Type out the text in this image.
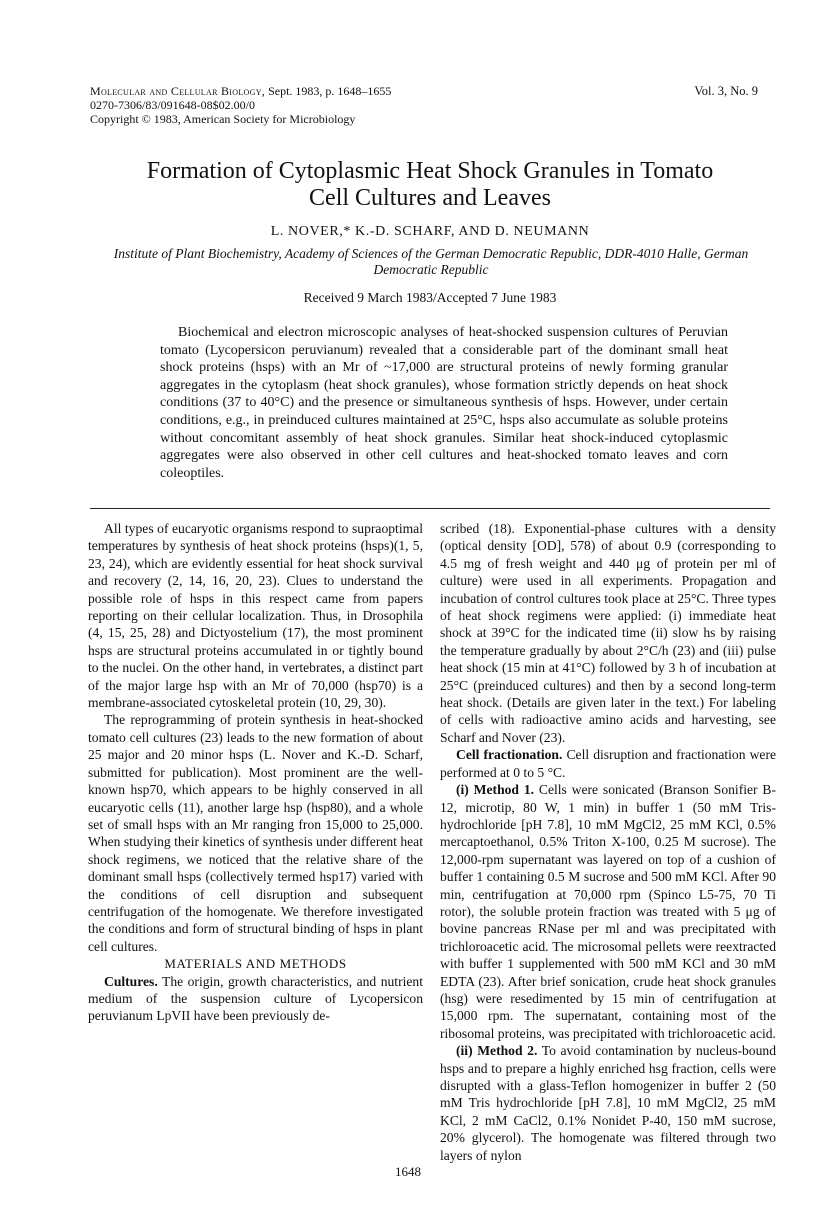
Molecular and Cellular Biology, Sept. 1983, p. 1648–1655
0270-7306/83/091648-08$02.00/0
Copyright © 1983, American Society for Microbiology
Vol. 3, No. 9
Formation of Cytoplasmic Heat Shock Granules in Tomato Cell Cultures and Leaves
L. NOVER,* K.-D. SCHARF, AND D. NEUMANN
Institute of Plant Biochemistry, Academy of Sciences of the German Democratic Republic, DDR-4010 Halle, German Democratic Republic
Received 9 March 1983/Accepted 7 June 1983
Biochemical and electron microscopic analyses of heat-shocked suspension cultures of Peruvian tomato (Lycopersicon peruvianum) revealed that a considerable part of the dominant small heat shock proteins (hsps) with an Mr of ~17,000 are structural proteins of newly forming granular aggregates in the cytoplasm (heat shock granules), whose formation strictly depends on heat shock conditions (37 to 40°C) and the presence or simultaneous synthesis of hsps. However, under certain conditions, e.g., in preinduced cultures maintained at 25°C, hsps also accumulate as soluble proteins without concomitant assembly of heat shock granules. Similar heat shock-induced cytoplasmic aggregates were also observed in other cell cultures and heat-shocked tomato leaves and corn coleoptiles.

All types of eucaryotic organisms respond to supraoptimal temperatures by synthesis of heat shock proteins (hsps)(1, 5, 23, 24), which are evidently essential for heat shock survival and recovery (2, 14, 16, 20, 23). Clues to understand the possible role of hsps in this respect came from papers reporting on their cellular localization. Thus, in Drosophila (4, 15, 25, 28) and Dictyostelium (17), the most prominent hsps are structural proteins accumulated in or tightly bound to the nuclei. On the other hand, in vertebrates, a distinct part of the major large hsp with an Mr of 70,000 (hsp70) is a membrane-associated cytoskeletal protein (10, 29, 30).

The reprogramming of protein synthesis in heat-shocked tomato cell cultures (23) leads to the new formation of about 25 major and 20 minor hsps (L. Nover and K.-D. Scharf, submitted for publication). Most prominent are the well-known hsp70, which appears to be highly conserved in all eucaryotic cells (11), another large hsp (hsp80), and a whole set of small hsps with an Mr ranging fron 15,000 to 25,000. When studying their kinetics of synthesis under different heat shock regimens, we noticed that the relative share of the dominant small hsps (collectively termed hsp17) varied with the conditions of cell disruption and subsequent centrifugation of the homogenate. We therefore investigated the conditions and form of structural binding of hsps in plant cell cultures.

MATERIALS AND METHODS

Cultures. The origin, growth characteristics, and nutrient medium of the suspension culture of Lycopersicon peruvianum LpVII have been previously de-

scribed (18). Exponential-phase cultures with a density (optical density [OD], 578) of about 0.9 (corresponding to 4.5 mg of fresh weight and 440 μg of protein per ml of culture) were used in all experiments. Propagation and incubation of control cultures took place at 25°C. Three types of heat shock regimens were applied: (i) immediate heat shock at 39°C for the indicated time (ii) slow hs by raising the temperature gradually by about 2°C/h (23) and (iii) pulse heat shock (15 min at 41°C) followed by 3 h of incubation at 25°C (preinduced cultures) and then by a second long-term heat shock. (Details are given later in the text.) For labeling of cells with radioactive amino acids and harvesting, see Scharf and Nover (23).

Cell fractionation. Cell disruption and fractionation were performed at 0 to 5 °C.

(i) Method 1. Cells were sonicated (Branson Sonifier B-12, microtip, 80 W, 1 min) in buffer 1 (50 mM Tris-hydrochloride [pH 7.8], 10 mM MgCl2, 25 mM KCl, 0.5% mercaptoethanol, 0.5% Triton X-100, 0.25 M sucrose). The 12,000-rpm supernatant was layered on top of a cushion of buffer 1 containing 0.5 M sucrose and 500 mM KCl. After 90 min, centrifugation at 70,000 rpm (Spinco L5-75, 70 Ti rotor), the soluble protein fraction was treated with 5 μg of bovine pancreas RNase per ml and was precipitated with trichloroacetic acid. The microsomal pellets were reextracted with buffer 1 supplemented with 500 mM KCl and 30 mM EDTA (23). After brief sonication, crude heat shock granules (hsg) were resedimented by 15 min of centrifugation at 15,000 rpm. The supernatant, containing most of the ribosomal proteins, was precipitated with trichloroacetic acid.

(ii) Method 2. To avoid contamination by nucleus-bound hsps and to prepare a highly enriched hsg fraction, cells were disrupted with a glass-Teflon homogenizer in buffer 2 (50 mM Tris hydrochloride [pH 7.8], 10 mM MgCl2, 25 mM KCl, 2 mM CaCl2, 0.1% Nonidet P-40, 150 mM sucrose, 20% glycerol). The homogenate was filtered through two layers of nylon

1648
